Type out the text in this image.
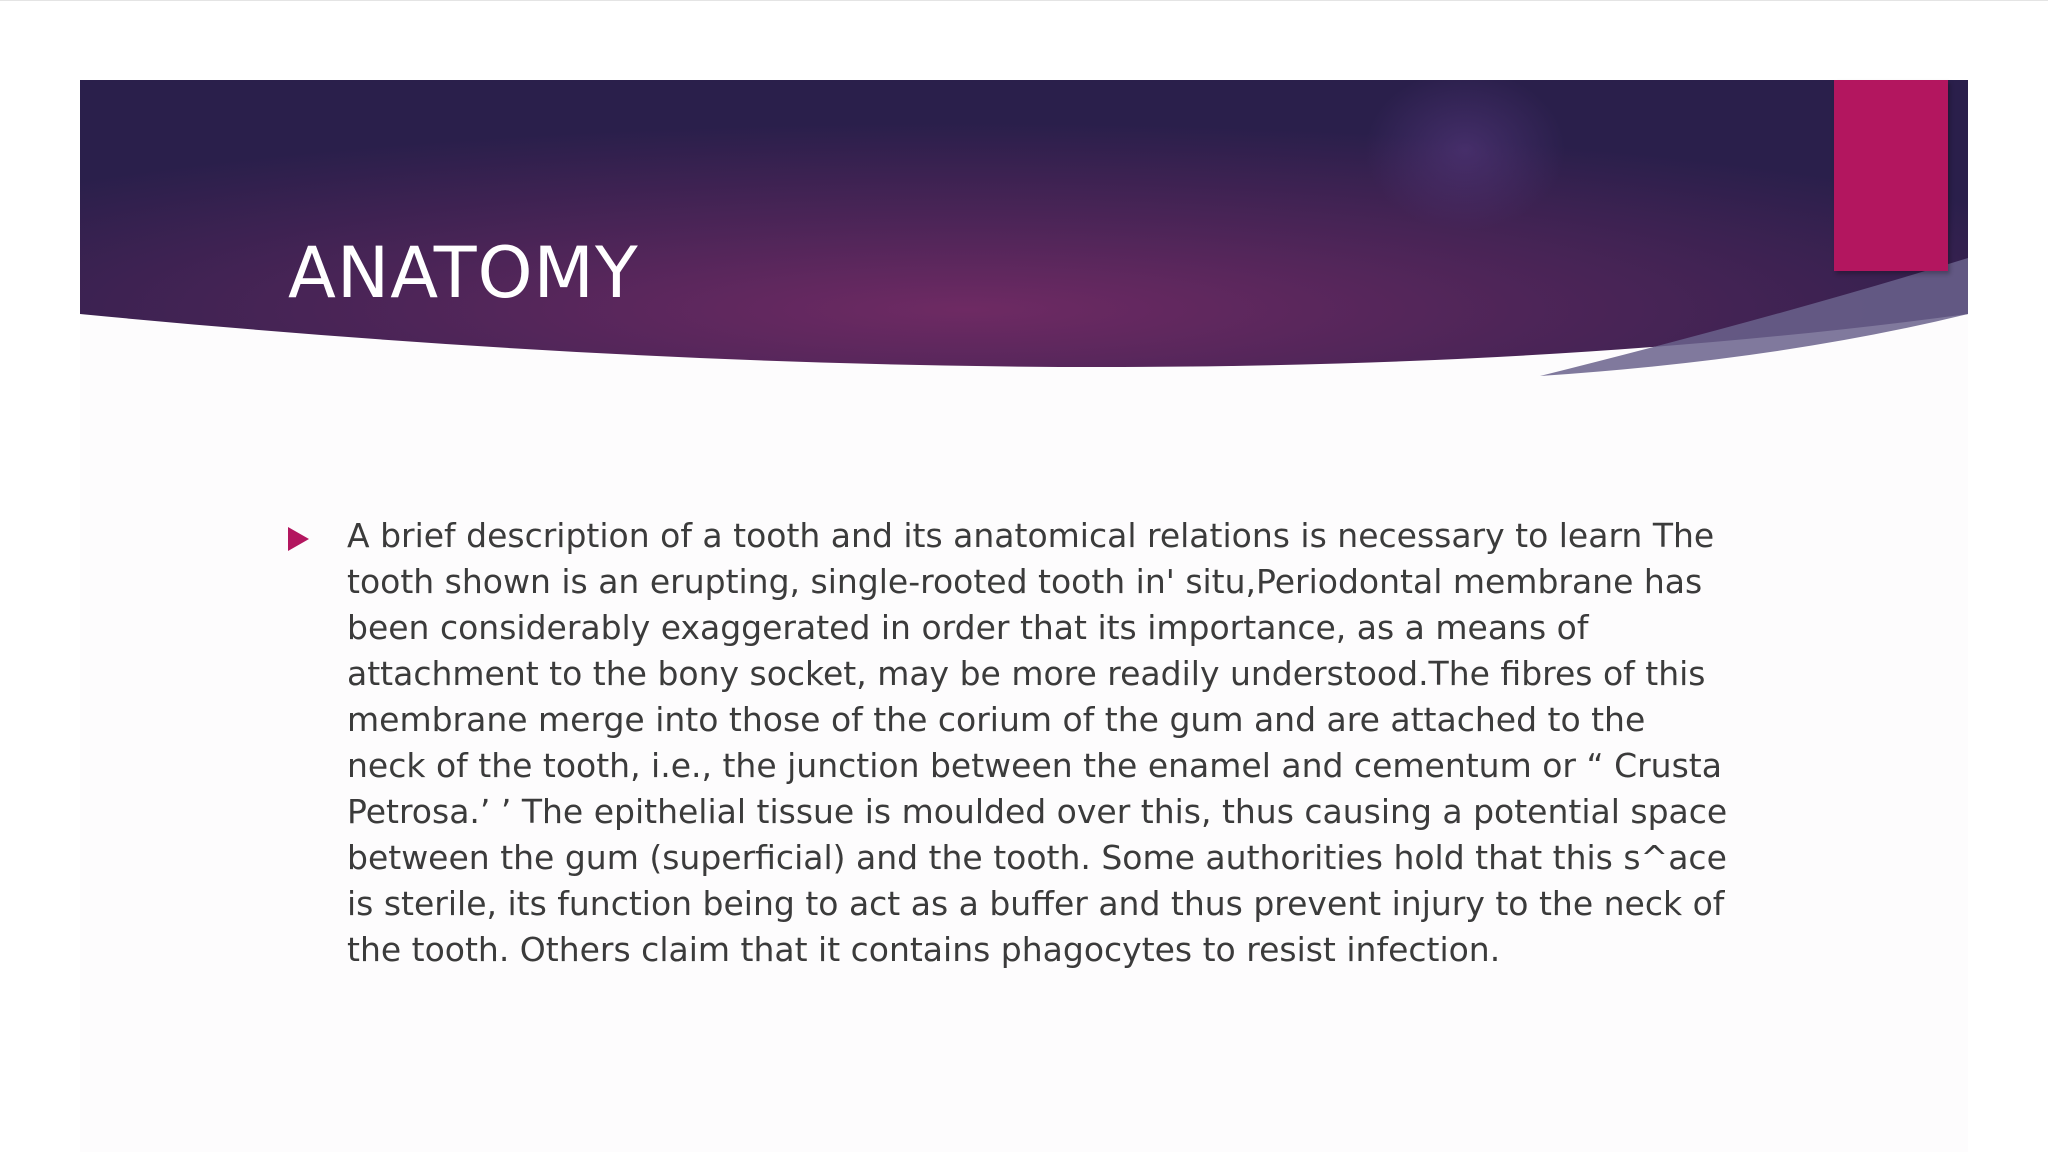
ANATOMY

A brief description of a tooth and its anatomical relations is necessary to learn The
tooth shown is an erupting, single-rooted tooth in' situ,Periodontal membrane has
been considerably exaggerated in order that its importance, as a means of
attachment to the bony socket, may be more readily understood.The fibres of this
membrane merge into those of the corium of the gum and are attached to the
neck of the tooth, i.e., the junction between the enamel and cementum or “ Crusta
Petrosa.’ ’ The epithelial tissue is moulded over this, thus causing a potential space
between the gum (superficial) and the tooth. Some authorities hold that this s^ace
is sterile, its function being to act as a buffer and thus prevent injury to the neck of
the tooth. Others claim that it contains phagocytes to resist infection.
